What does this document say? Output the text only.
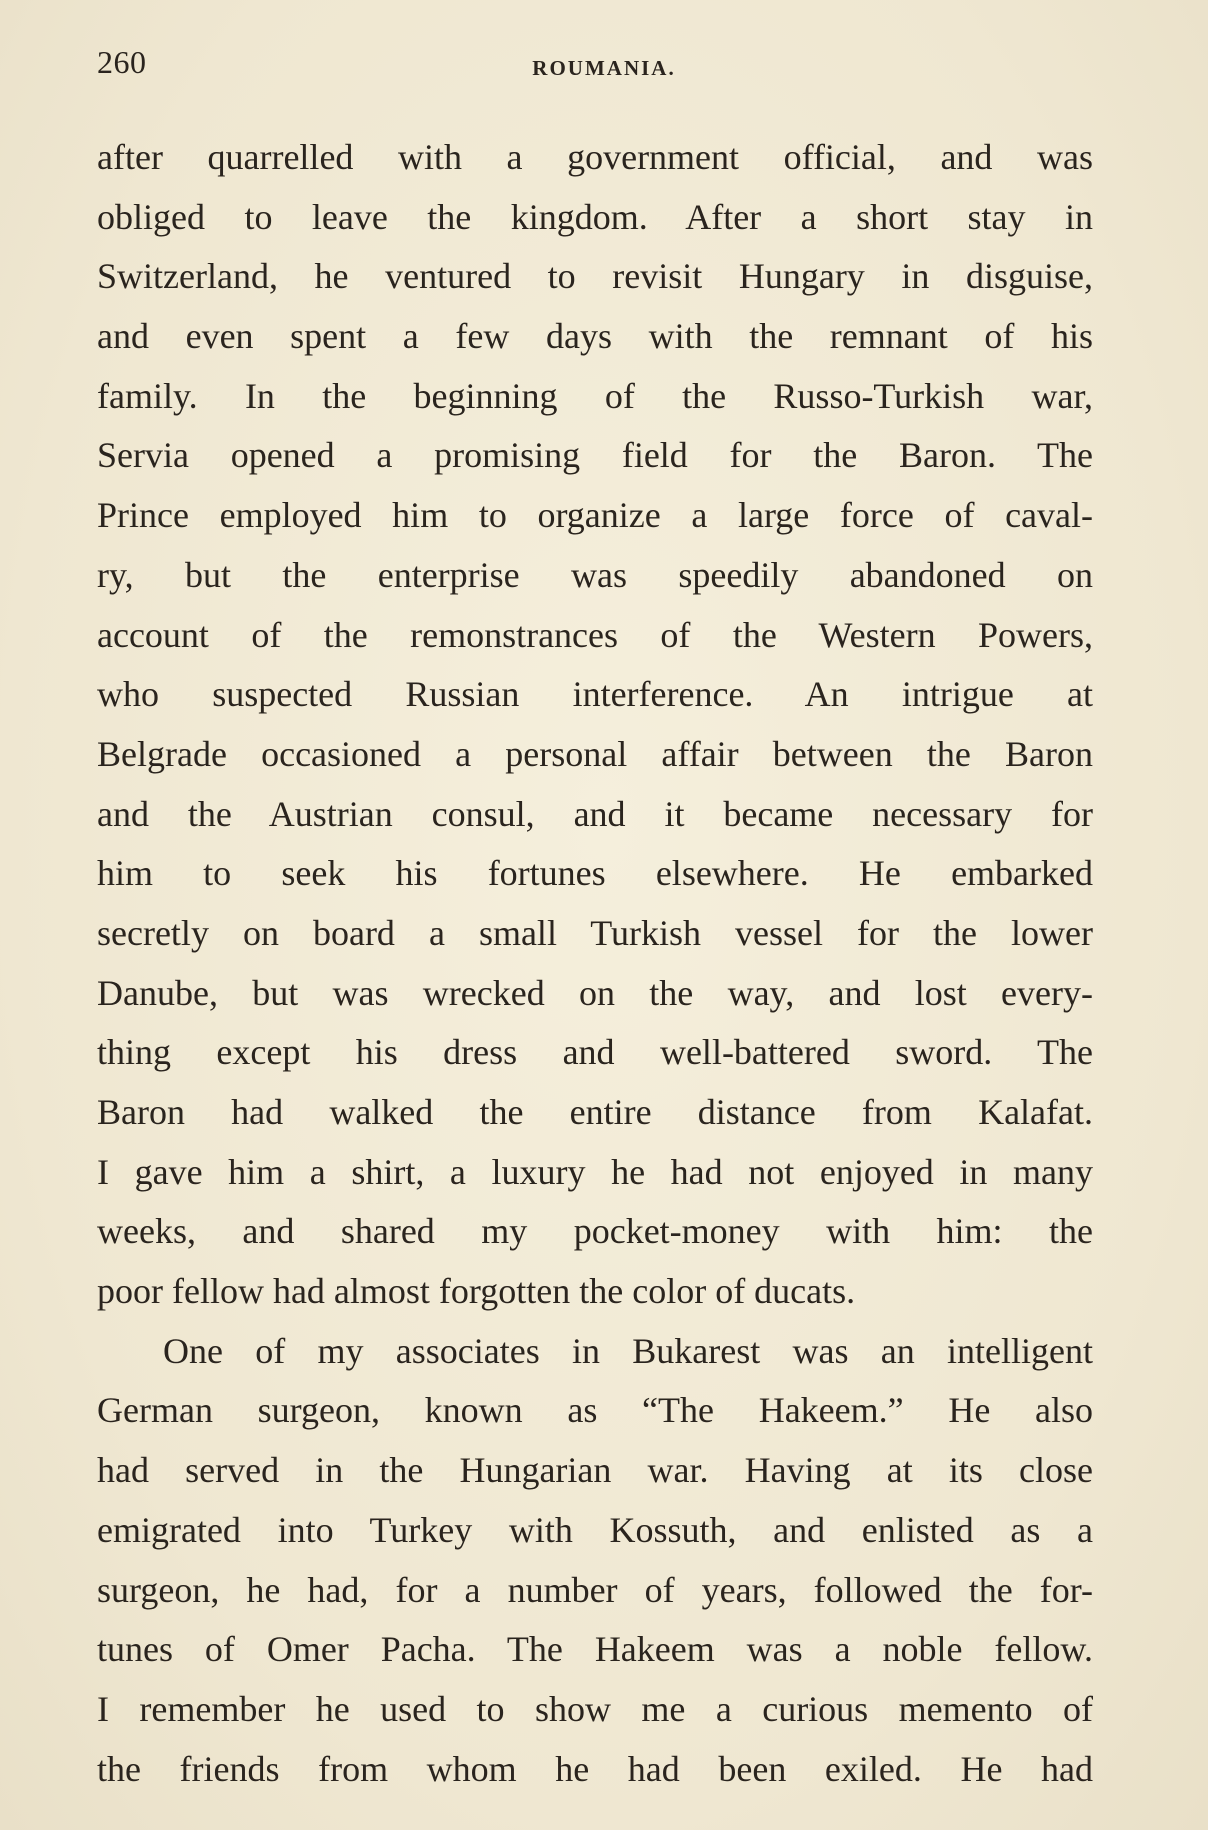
260	ROUMANIA.
after quarrelled with a government official, and was
obliged to leave the kingdom. After a short stay in
Switzerland, he ventured to revisit Hungary in disguise,
and even spent a few days with the remnant of his
family. In the beginning of the Russo-Turkish war,
Servia opened a promising field for the Baron. The
Prince employed him to organize a large force of caval-
ry, but the enterprise was speedily abandoned on
account of the remonstrances of the Western Powers,
who suspected Russian interference. An intrigue at
Belgrade occasioned a personal affair between the Baron
and the Austrian consul, and it became necessary for
him to seek his fortunes elsewhere. He embarked
secretly on board a small Turkish vessel for the lower
Danube, but was wrecked on the way, and lost every-
thing except his dress and well-battered sword. The
Baron had walked the entire distance from Kalafat.
I gave him a shirt, a luxury he had not enjoyed in many
weeks, and shared my pocket-money with him: the
poor fellow had almost forgotten the color of ducats.
One of my associates in Bukarest was an intelligent
German surgeon, known as “The Hakeem.” He also
had served in the Hungarian war. Having at its close
emigrated into Turkey with Kossuth, and enlisted as a
surgeon, he had, for a number of years, followed the for-
tunes of Omer Pacha. The Hakeem was a noble fellow.
I remember he used to show me a curious memento of
the friends from whom he had been exiled. He had
